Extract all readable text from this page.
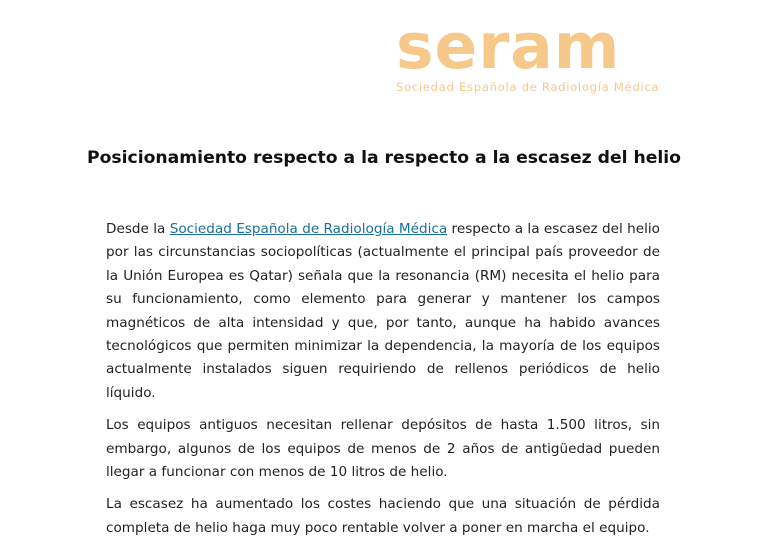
seram
Sociedad Española de Radiología Médica
Posicionamiento respecto a la respecto a la escasez del helio

Desde la Sociedad Española de Radiología Médica respecto a la escasez del helio por las circunstancias sociopolíticas (actualmente el principal país proveedor de la Unión Europea es Qatar) señala que la resonancia (RM) necesita el helio para su funcionamiento, como elemento para generar y mantener los campos magnéticos de alta intensidad y que, por tanto, aunque ha habido avances tecnológicos que permiten minimizar la dependencia, la mayoría de los equipos actualmente instalados siguen requiriendo de rellenos periódicos de helio líquido.

Los equipos antiguos necesitan rellenar depósitos de hasta 1.500 litros, sin embargo, algunos de los equipos de menos de 2 años de antigüedad pueden llegar a funcionar con menos de 10 litros de helio.

La escasez ha aumentado los costes haciendo que una situación de pérdida completa de helio haga muy poco rentable volver a poner en marcha el equipo.
